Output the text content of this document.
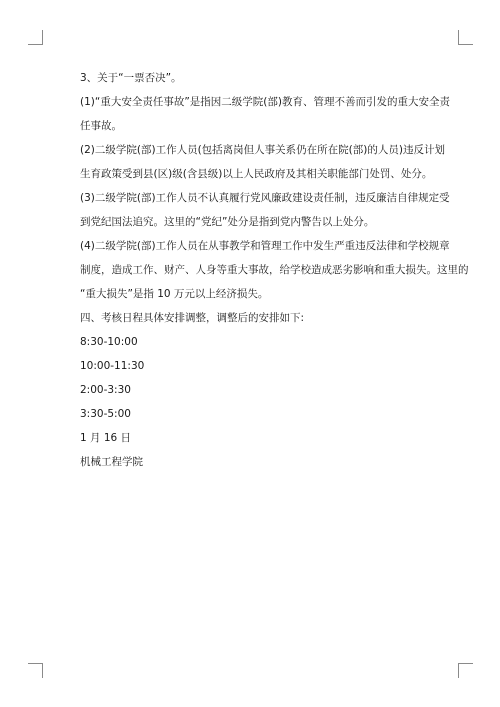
3、关于“一票否决”。

(1)“重大安全责任事故”是指因二级学院(部)教育、管理不善而引发的重大安全责
任事故。

(2)二级学院(部)工作人员(包括离岗但人事关系仍在所在院(部)的人员)违反计划
生育政策受到县(区)级(含县级)以上人民政府及其相关职能部门处罚、处分。

(3)二级学院(部)工作人员不认真履行党风廉政建设责任制，违反廉洁自律规定受
到党纪国法追究。这里的“党纪”处分是指到党内警告以上处分。

(4)二级学院(部)工作人员在从事教学和管理工作中发生严重违反法律和学校规章
制度，造成工作、财产、人身等重大事故，给学校造成恶劣影响和重大损失。这里的
“重大损失”是指 10 万元以上经济损失。

四、考核日程具体安排调整，调整后的安排如下:

8:30-10:00

10:00-11:30

2:00-3:30

3:30-5:00

1 月 16 日

机械工程学院
